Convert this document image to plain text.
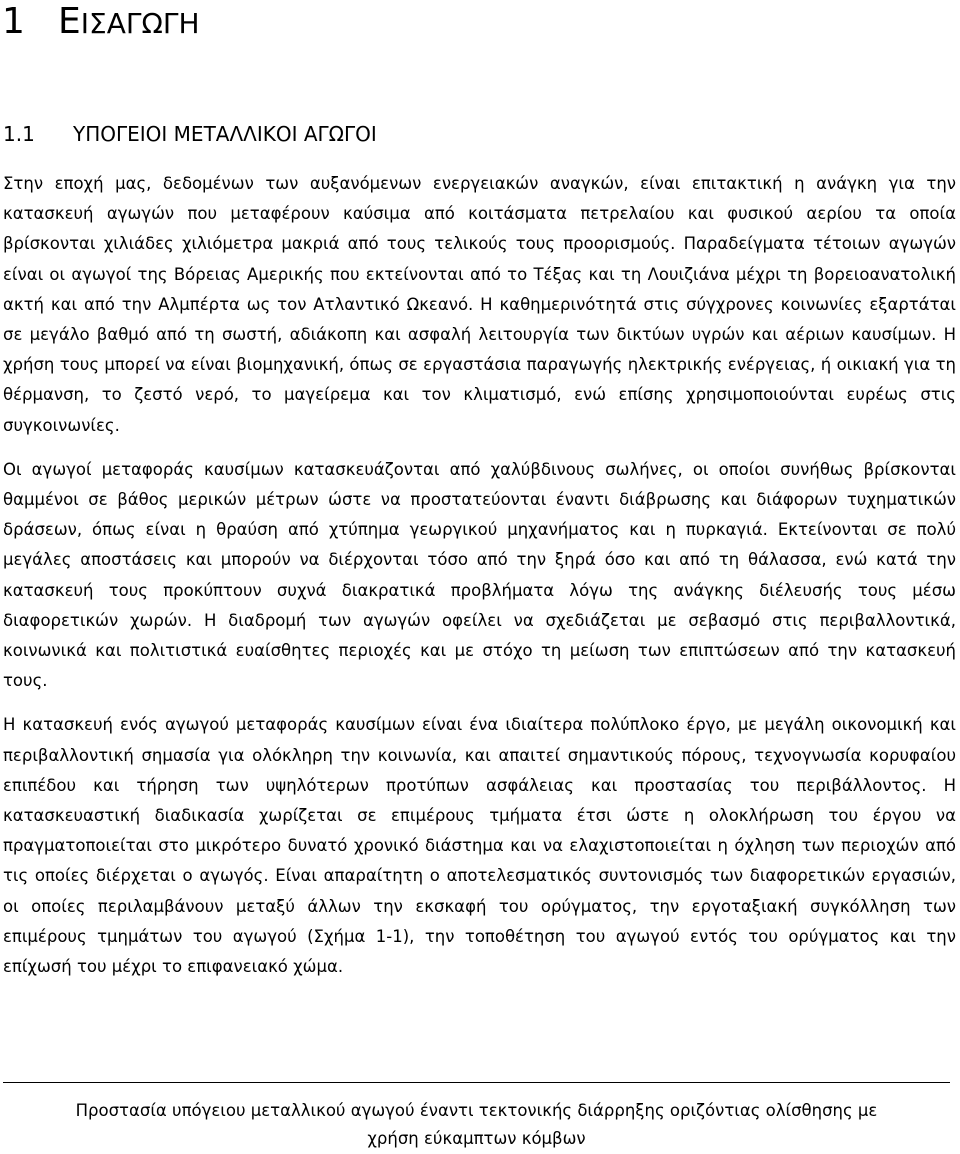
1 ΕΙΣΑΓΩΓΗ
1.1 ΥΠΟΓΕΙΟΙ ΜΕΤΑΛΛΙΚΟΙ ΑΓΩΓΟΙ

Στην εποχή μας, δεδομένων των αυξανόμενων ενεργειακών αναγκών, είναι επιτακτική η ανάγκη για την κατασκευή αγωγών που μεταφέρουν καύσιμα από κοιτάσματα πετρελαίου και φυσικού αερίου τα οποία βρίσκονται χιλιάδες χιλιόμετρα μακριά από τους τελικούς τους προορισμούς. Παραδείγματα τέτοιων αγωγών είναι οι αγωγοί της Βόρειας Αμερικής που εκτείνονται από το Τέξας και τη Λουιζιάνα μέχρι τη βορειοανατολική ακτή και από την Αλμπέρτα ως τον Ατλαντικό Ωκεανό. Η καθημερινότητά στις σύγχρονες κοινωνίες εξαρτάται σε μεγάλο βαθμό από τη σωστή, αδιάκοπη και ασφαλή λειτουργία των δικτύων υγρών και αέριων καυσίμων. Η χρήση τους μπορεί να είναι βιομηχανική, όπως σε εργαστάσια παραγωγής ηλεκτρικής ενέργειας, ή οικιακή για τη θέρμανση, το ζεστό νερό, το μαγείρεμα και τον κλιματισμό, ενώ επίσης χρησιμοποιούνται ευρέως στις συγκοινωνίες.

Οι αγωγοί μεταφοράς καυσίμων κατασκευάζονται από χαλύβδινους σωλήνες, οι οποίοι συνήθως βρίσκονται θαμμένοι σε βάθος μερικών μέτρων ώστε να προστατεύονται έναντι διάβρωσης και διάφορων τυχηματικών δράσεων, όπως είναι η θραύση από χτύπημα γεωργικού μηχανήματος και η πυρκαγιά. Εκτείνονται σε πολύ μεγάλες αποστάσεις και μπορούν να διέρχονται τόσο από την ξηρά όσο και από τη θάλασσα, ενώ κατά την κατασκευή τους προκύπτουν συχνά διακρατικά προβλήματα λόγω της ανάγκης διέλευσής τους μέσω διαφορετικών χωρών. Η διαδρομή των αγωγών οφείλει να σχεδιάζεται με σεβασμό στις περιβαλλοντικά, κοινωνικά και πολιτιστικά ευαίσθητες περιοχές και με στόχο τη μείωση των επιπτώσεων από την κατασκευή τους.

Η κατασκευή ενός αγωγού μεταφοράς καυσίμων είναι ένα ιδιαίτερα πολύπλοκο έργο, με μεγάλη οικονομική και περιβαλλοντική σημασία για ολόκληρη την κοινωνία, και απαιτεί σημαντικούς πόρους, τεχνογνωσία κορυφαίου επιπέδου και τήρηση των υψηλότερων προτύπων ασφάλειας και προστασίας του περιβάλλοντος. Η κατασκευαστική διαδικασία χωρίζεται σε επιμέρους τμήματα έτσι ώστε η ολοκλήρωση του έργου να πραγματοποιείται στο μικρότερο δυνατό χρονικό διάστημα και να ελαχιστοποιείται η όχληση των περιοχών από τις οποίες διέρχεται ο αγωγός. Είναι απαραίτητη ο αποτελεσματικός συντονισμός των διαφορετικών εργασιών, οι οποίες περιλαμβάνουν μεταξύ άλλων την εκσκαφή του ορύγματος, την εργοταξιακή συγκόλληση των επιμέρους τμημάτων του αγωγού (Σχήμα 1-1), την τοποθέτηση του αγωγού εντός του ορύγματος και την επίχωσή του μέχρι το επιφανειακό χώμα.

Προστασία υπόγειου μεταλλικού αγωγού έναντι τεκτονικής διάρρηξης οριζόντιας ολίσθησης με
χρήση εύκαμπτων κόμβων
